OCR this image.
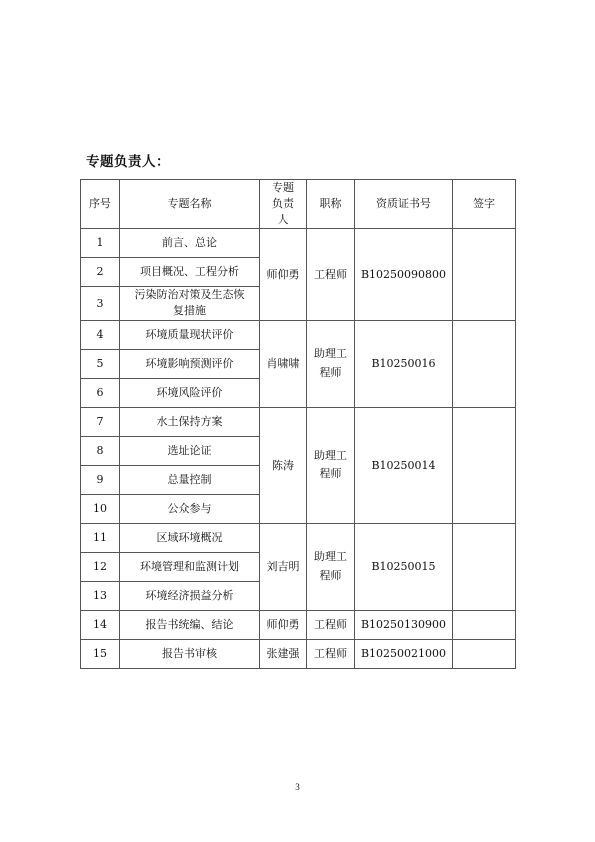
专题负责人：
序号	专题名称	专题负责人	职称	资质证书号	签字
1	前言、总论	师仰勇	工程师	B10250090800	
2	项目概况、工程分析				
3	污染防治对策及生态恢复措施				
4	环境质量现状评价	肖啸啸	助理工程师	B10250016	
5	环境影响预测评价				
6	环境风险评价				
7	水土保持方案	陈涛	助理工程师	B10250014	
8	选址论证				
9	总量控制				
10	公众参与				
11	区域环境概况	刘吉明	助理工程师	B10250015	
12	环境管理和监测计划				
13	环境经济损益分析				
14	报告书统编、结论	师仰勇	工程师	B10250130900	
15	报告书审核	张建强	工程师	B10250021000	
3
